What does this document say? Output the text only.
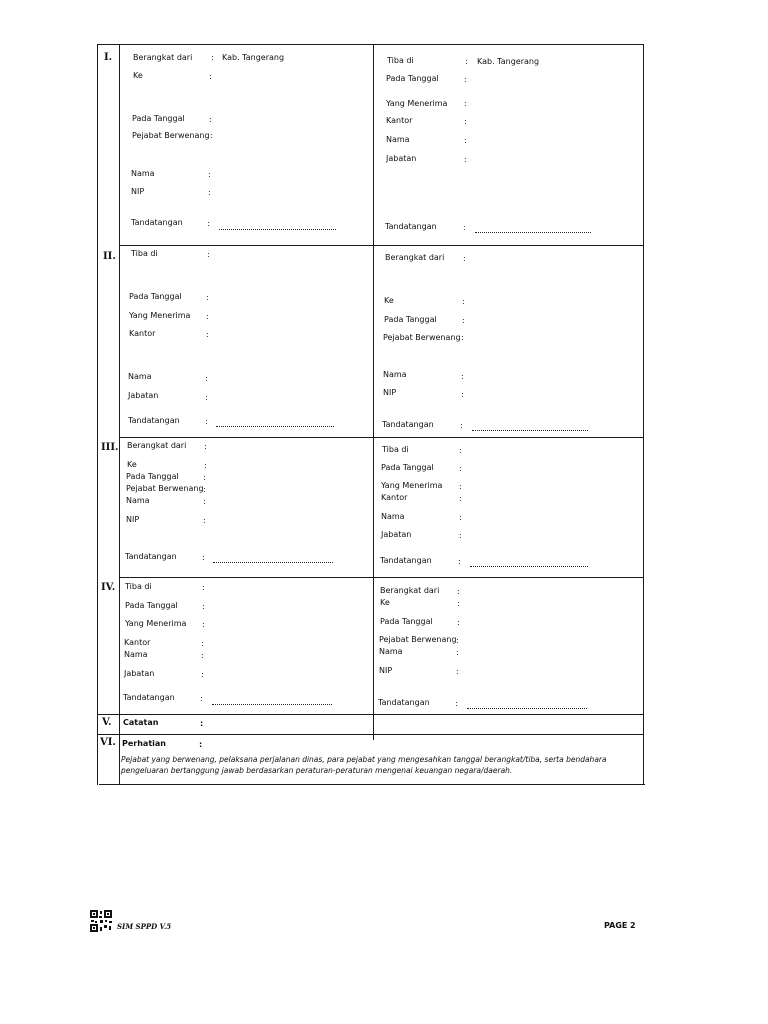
I.
II.
III.
IV.
V.
VI.
Berangkat dari : Kab. Tangerang
Ke	:
Pada Tanggal	:
Pejabat Berwenang :
Nama	:
NIP	:
Tandatangan	:
Tiba di	: Kab. Tangerang
Pada Tanggal	:
Yang Menerima :
Kantor	:
Nama	:
Jabatan	:
Tandatangan	:
Tiba di	:
Pada Tanggal	:
Yang Menerima :
Kantor	:
Nama	:
Jabatan	:
Tandatangan	:
Berangkat dari :
Ke	:
Pada Tanggal	:
Pejabat Berwenang :
Nama	:
NIP	:
Tandatangan	:
Berangkat dari :
Ke	:
Pada Tanggal	:
Pejabat Berwenang :
Nama	:
NIP	:
Tandatangan	:
Tiba di	:
Pada Tanggal	:
Yang Menerima :
Kantor	:
Nama	:
Jabatan	:
Tandatangan	:
Tiba di	:
Pada Tanggal	:
Yang Menerima :
Kantor	:
Nama	:
Jabatan	:
Tandatangan	:
Berangkat dari :
Ke	:
Pada Tanggal	:
Pejabat Berwenang :
Nama	:
NIP	:
Tandatangan	:
Catatan	:
Perhatian	:
Pejabat yang berwenang, pelaksana perjalanan dinas, para pejabat yang mengesahkan tanggal berangkat/tiba, serta bendahara
pengeluaran bertanggung jawab berdasarkan peraturan-peraturan mengenai keuangan negara/daerah.
SIM SPPD V.5	PAGE 2
